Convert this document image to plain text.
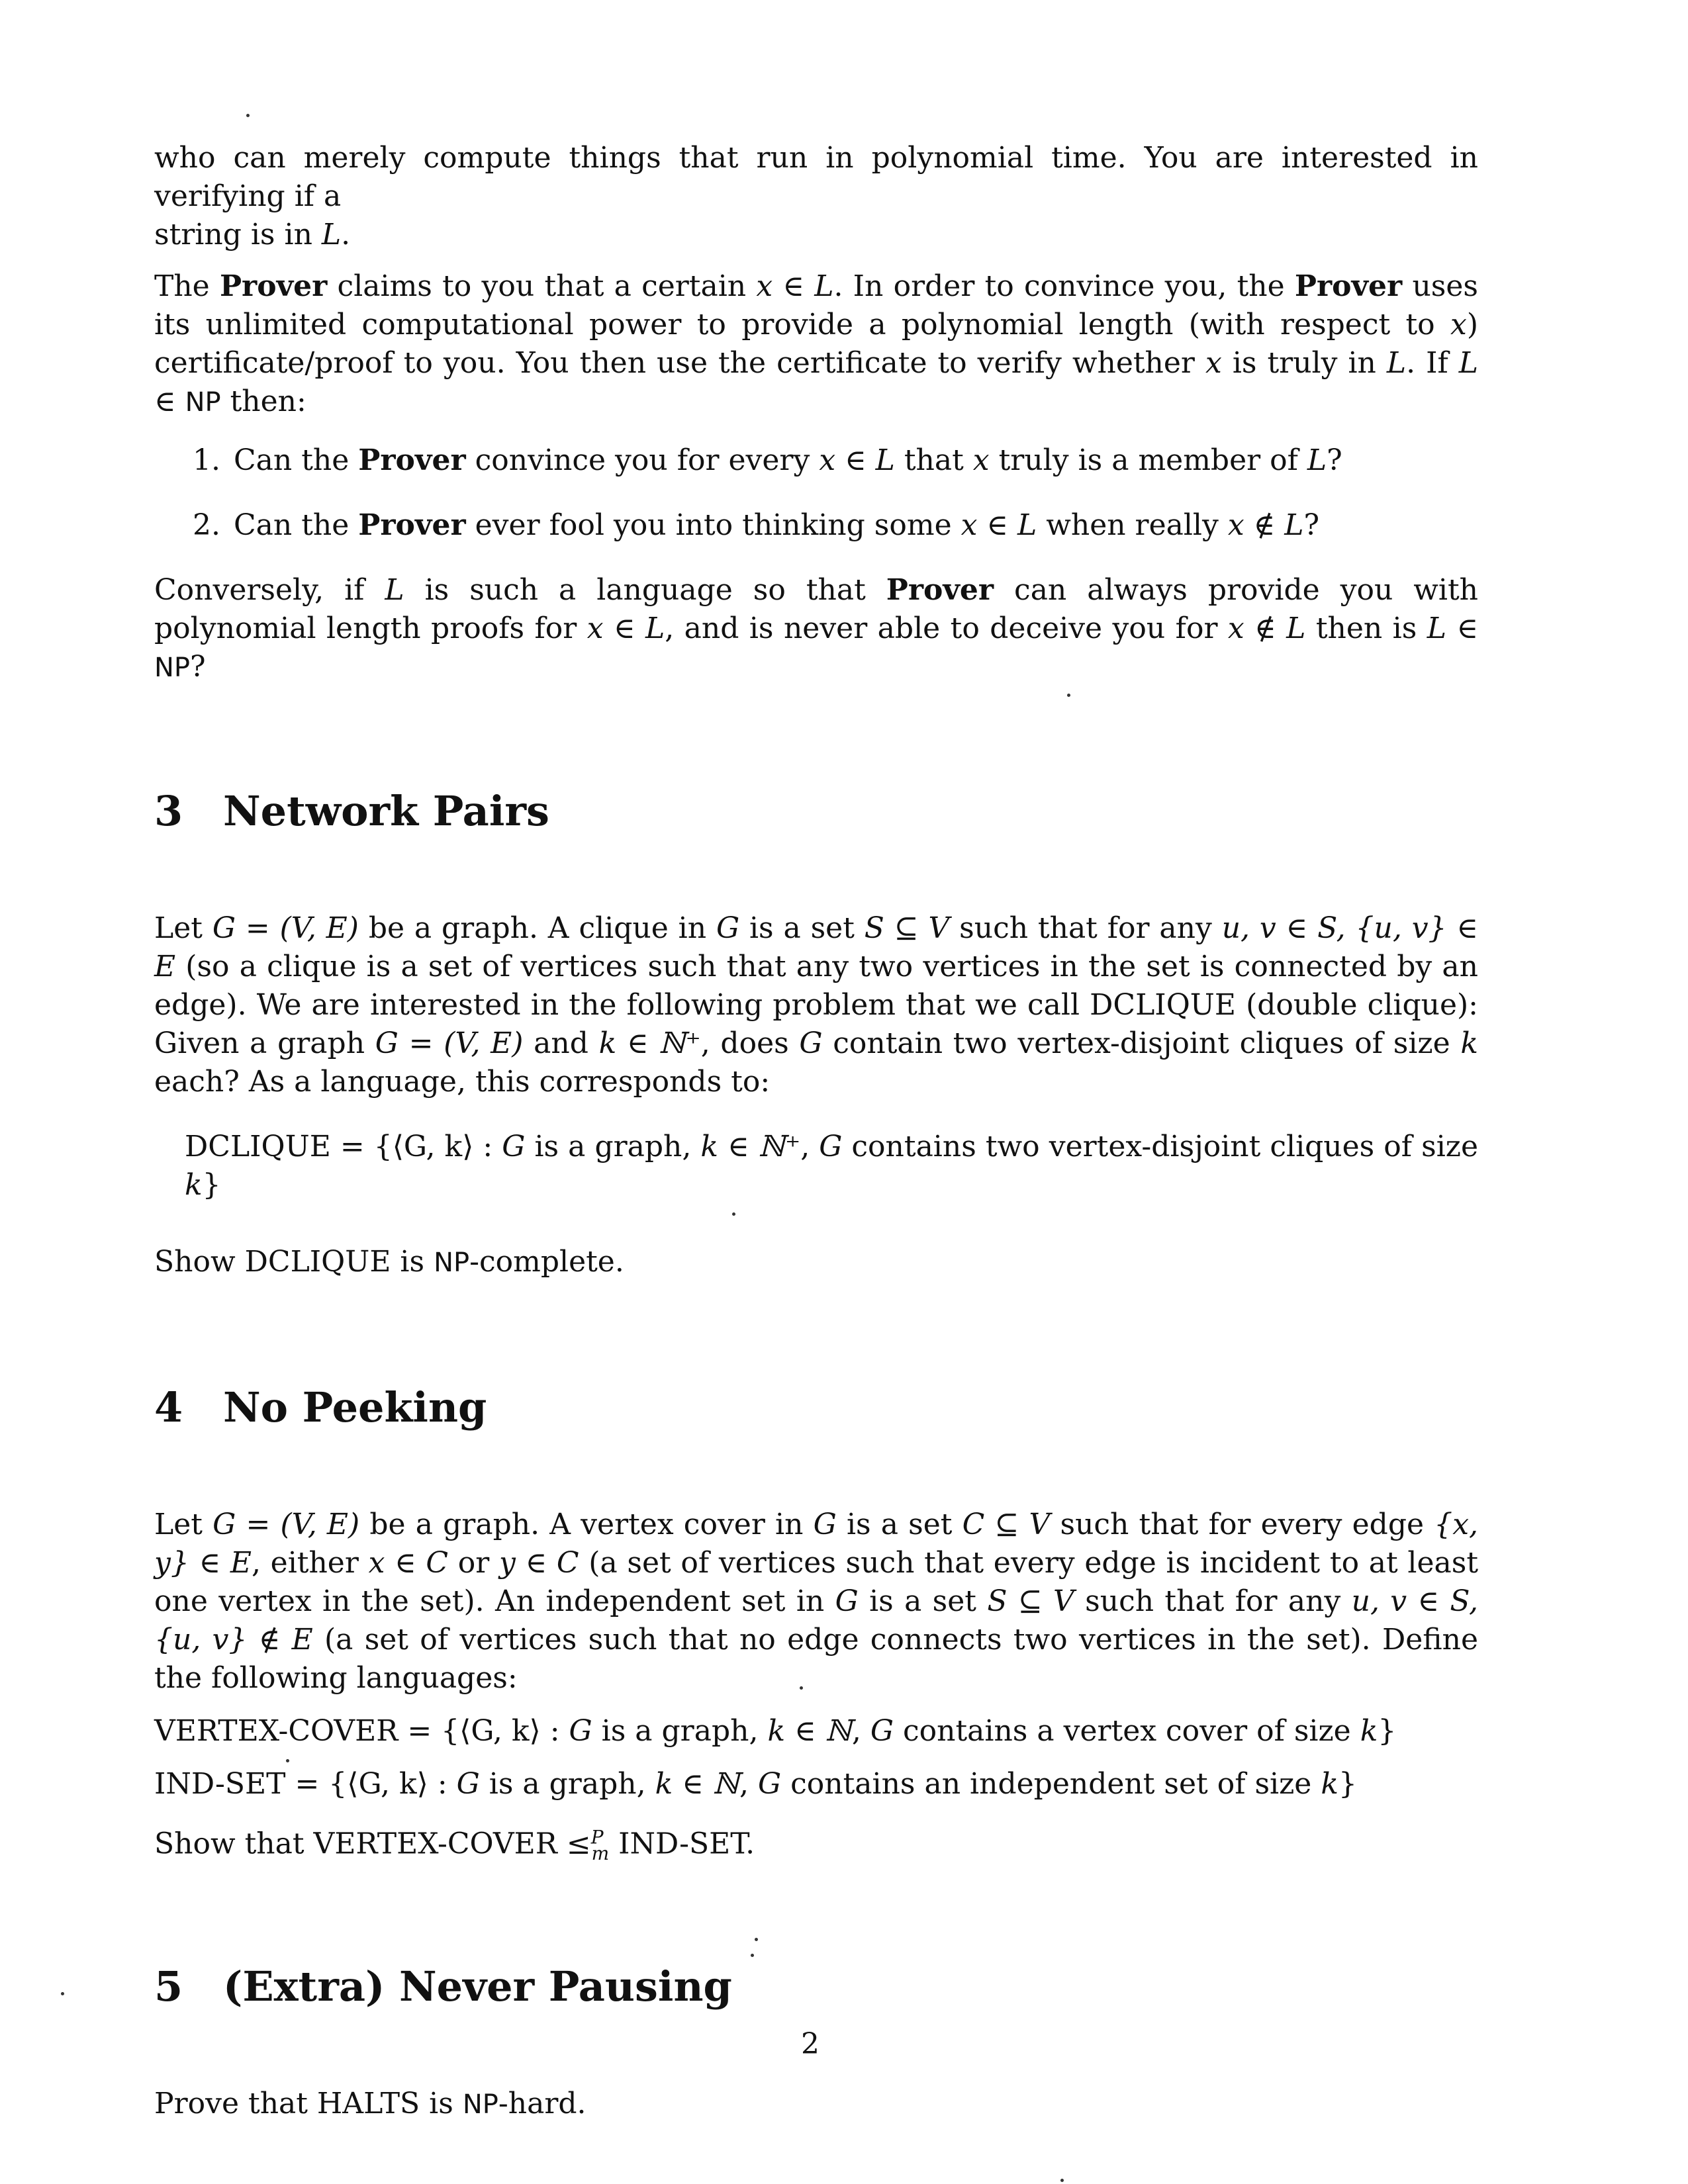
who can merely compute things that run in polynomial time. You are interested in verifying if a
string is in L.

The Prover claims to you that a certain x ∈ L. In order to convince you, the Prover uses its unlimited computational power to provide a polynomial length (with respect to x) certificate/proof to you. You then use the certificate to verify whether x is truly in L. If L ∈ NP then:

1. Can the Prover convince you for every x ∈ L that x truly is a member of L?
2. Can the Prover ever fool you into thinking some x ∈ L when really x ∉ L?

Conversely, if L is such a language so that Prover can always provide you with polynomial length proofs for x ∈ L, and is never able to deceive you for x ∉ L then is L ∈ NP?

3 Network Pairs

Let G = (V, E) be a graph. A clique in G is a set S ⊆ V such that for any u, v ∈ S, {u, v} ∈ E (so a clique is a set of vertices such that any two vertices in the set is connected by an edge). We are interested in the following problem that we call DCLIQUE (double clique): Given a graph G = (V, E) and k ∈ ℕ⁺, does G contain two vertex-disjoint cliques of size k each? As a language, this corresponds to:

DCLIQUE = {⟨G, k⟩ : G is a graph, k ∈ ℕ⁺, G contains two vertex-disjoint cliques of size k}

Show DCLIQUE is NP-complete.

4 No Peeking

Let G = (V, E) be a graph. A vertex cover in G is a set C ⊆ V such that for every edge {x, y} ∈ E, either x ∈ C or y ∈ C (a set of vertices such that every edge is incident to at least one vertex in the set). An independent set in G is a set S ⊆ V such that for any u, v ∈ S, {u, v} ∉ E (a set of vertices such that no edge connects two vertices in the set). Define the following languages:

VERTEX-COVER = {⟨G, k⟩ : G is a graph, k ∈ ℕ, G contains a vertex cover of size k}

IND-SET = {⟨G, k⟩ : G is a graph, k ∈ ℕ, G contains an independent set of size k}

Show that VERTEX-COVER ≤$^P_m$ IND-SET.

5 (Extra) Never Pausing

Prove that HALTS is NP-hard.

2
